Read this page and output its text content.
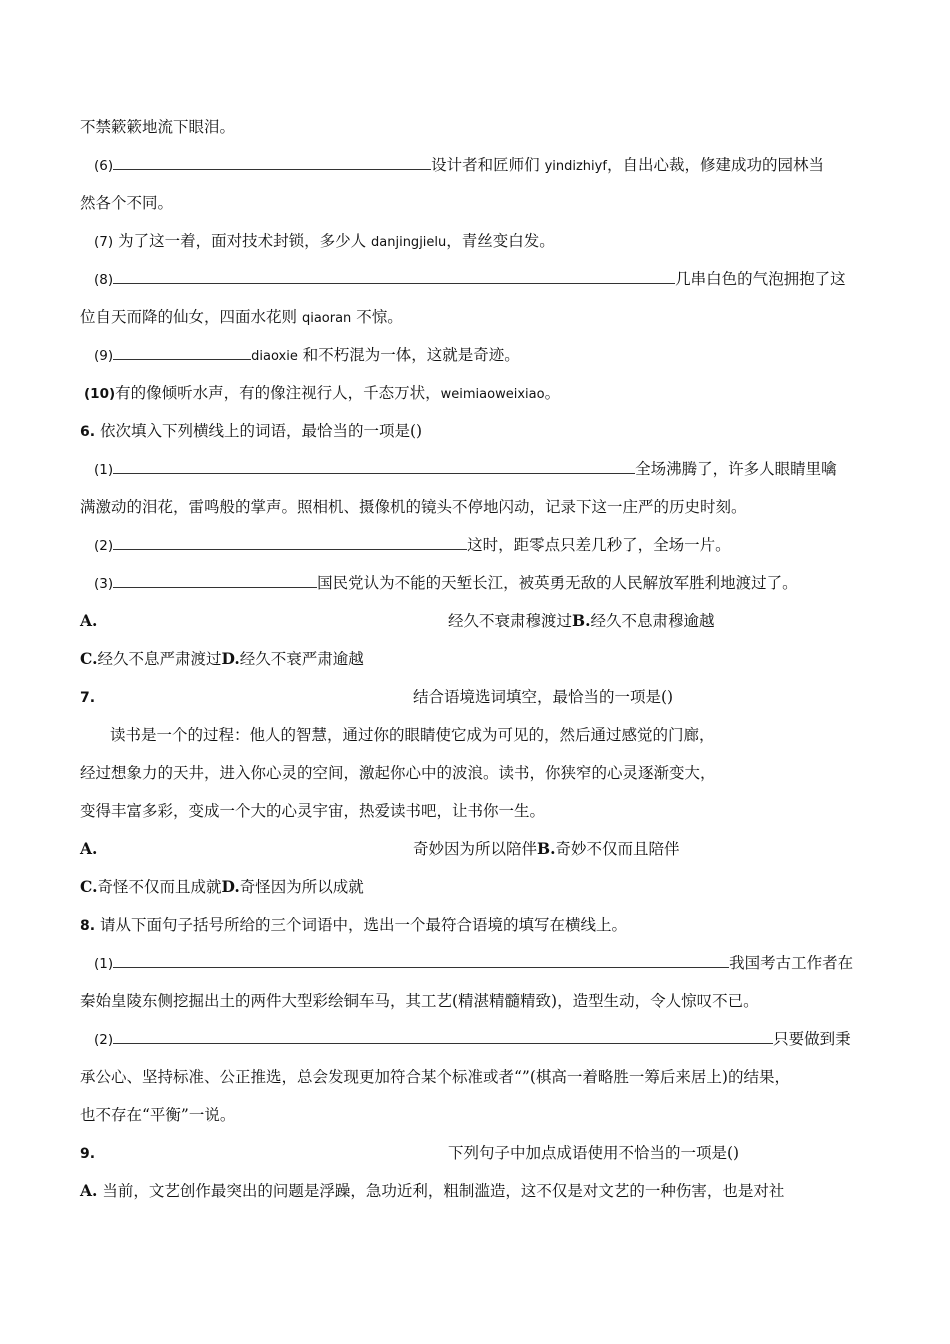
不禁簌簌地流下眼泪。
(6)	设计者和匠师们 yindizhiyf，自出心裁，修建成功的园林当
然各个不同。
(7) 为了这一着，面对技术封锁，多少人 danjingjielu，青丝变白发。
(8)	几串白色的气泡拥抱了这
位自天而降的仙女，四面水花则 qiaoran 不惊。
(9)	diaoxie 和不朽混为一体，这就是奇迹。
(10)有的像倾听水声，有的像注视行人，千态万状，weimiaoweixiao。
6. 依次填入下列横线上的词语，最恰当的一项是()
(1)	全场沸腾了，许多人眼睛里噙
满激动的泪花，雷鸣般的掌声。照相机、摄像机的镜头不停地闪动，记录下这一庄严的历史时刻。
(2)	这时，距零点只差几秒了，全场一片。
(3)	国民党认为不能的天堑长江，被英勇无敌的人民解放军胜利地渡过了。
A.	经久不衰肃穆渡过B.经久不息肃穆逾越
C.经久不息严肃渡过D.经久不衰严肃逾越
7.	结合语境选词填空，最恰当的一项是()
读书是一个的过程：他人的智慧，通过你的眼睛使它成为可见的，然后通过感觉的门廊，
经过想象力的天井，进入你心灵的空间，激起你心中的波浪。读书，你狭窄的心灵逐渐变大，
变得丰富多彩，变成一个大的心灵宇宙，热爱读书吧，让书你一生。
A.	奇妙因为所以陪伴B.奇妙不仅而且陪伴
C.奇怪不仅而且成就D.奇怪因为所以成就
8. 请从下面句子括号所给的三个词语中，选出一个最符合语境的填写在横线上。
(1)	我国考古工作者在
秦始皇陵东侧挖掘出土的两件大型彩绘铜车马，其工艺(精湛精髓精致)，造型生动，令人惊叹不已。
(2)	只要做到秉
承公心、坚持标准、公正推选，总会发现更加符合某个标准或者“”(棋高一着略胜一筹后来居上)的结果，
也不存在“平衡”一说。
9.	下列句子中加点成语使用不恰当的一项是()
A. 当前，文艺创作最突出的问题是浮躁，急功近利，粗制滥造，这不仅是对文艺的一种伤害，也是对社
